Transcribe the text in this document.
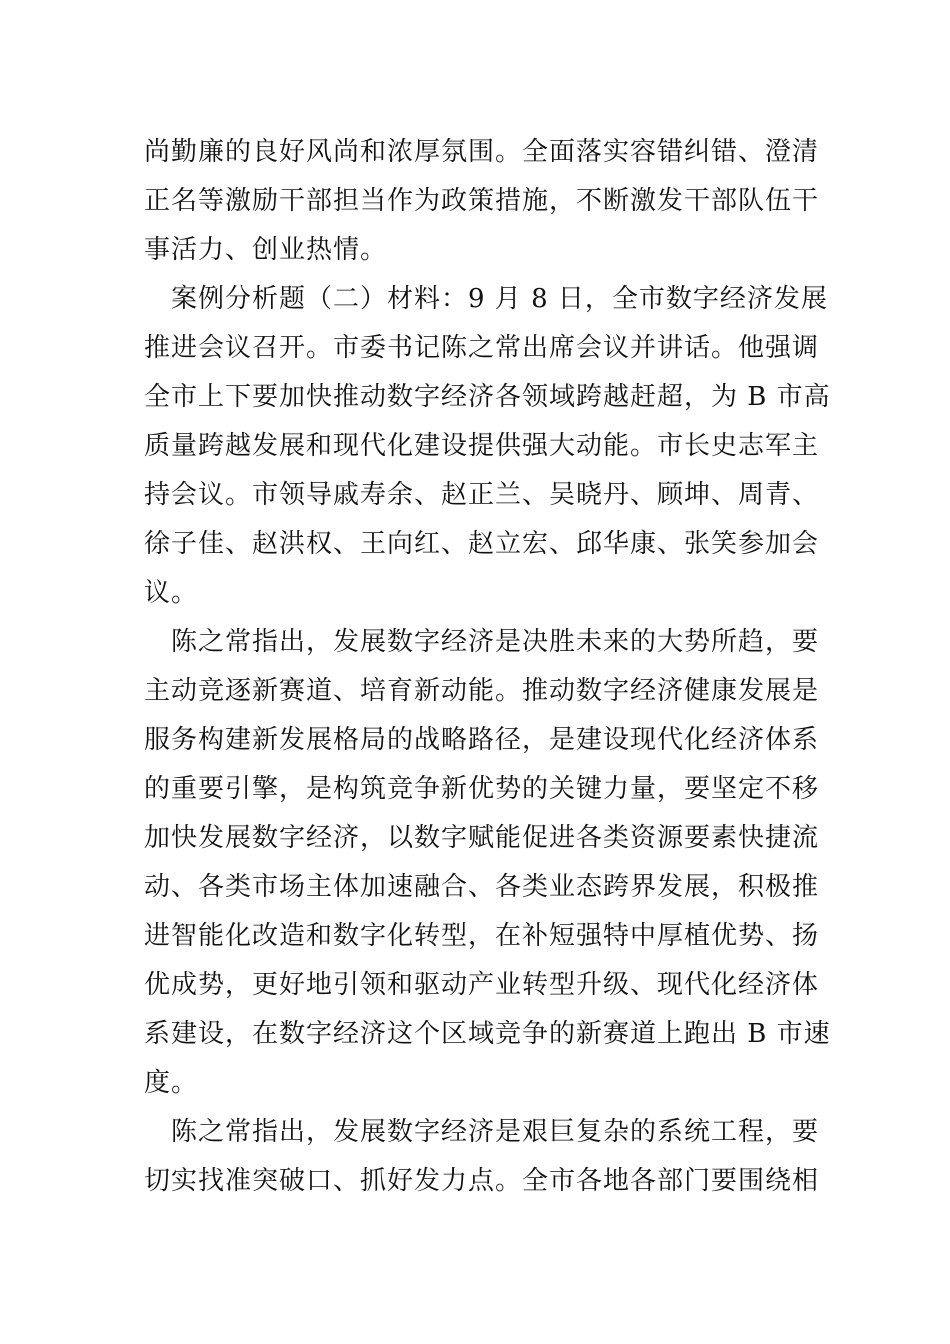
尚勤廉的良好风尚和浓厚氛围。全面落实容错纠错、澄清
正名等激励干部担当作为政策措施，不断激发干部队伍干
事活力、创业热情。
　案例分析题（二）材料：9 月 8 日，全市数字经济发展
推进会议召开。市委书记陈之常出席会议并讲话。他强调
全市上下要加快推动数字经济各领域跨越赶超，为 B 市高
质量跨越发展和现代化建设提供强大动能。市长史志军主
持会议。市领导戚寿余、赵正兰、吴晓丹、顾坤、周青、
徐子佳、赵洪权、王向红、赵立宏、邱华康、张笑参加会
议。
　陈之常指出，发展数字经济是决胜未来的大势所趋，要
主动竞逐新赛道、培育新动能。推动数字经济健康发展是
服务构建新发展格局的战略路径，是建设现代化经济体系
的重要引擎，是构筑竞争新优势的关键力量，要坚定不移
加快发展数字经济，以数字赋能促进各类资源要素快捷流
动、各类市场主体加速融合、各类业态跨界发展，积极推
进智能化改造和数字化转型，在补短强特中厚植优势、扬
优成势，更好地引领和驱动产业转型升级、现代化经济体
系建设，在数字经济这个区域竞争的新赛道上跑出 B 市速
度。
　陈之常指出，发展数字经济是艰巨复杂的系统工程，要
切实找准突破口、抓好发力点。全市各地各部门要围绕相
